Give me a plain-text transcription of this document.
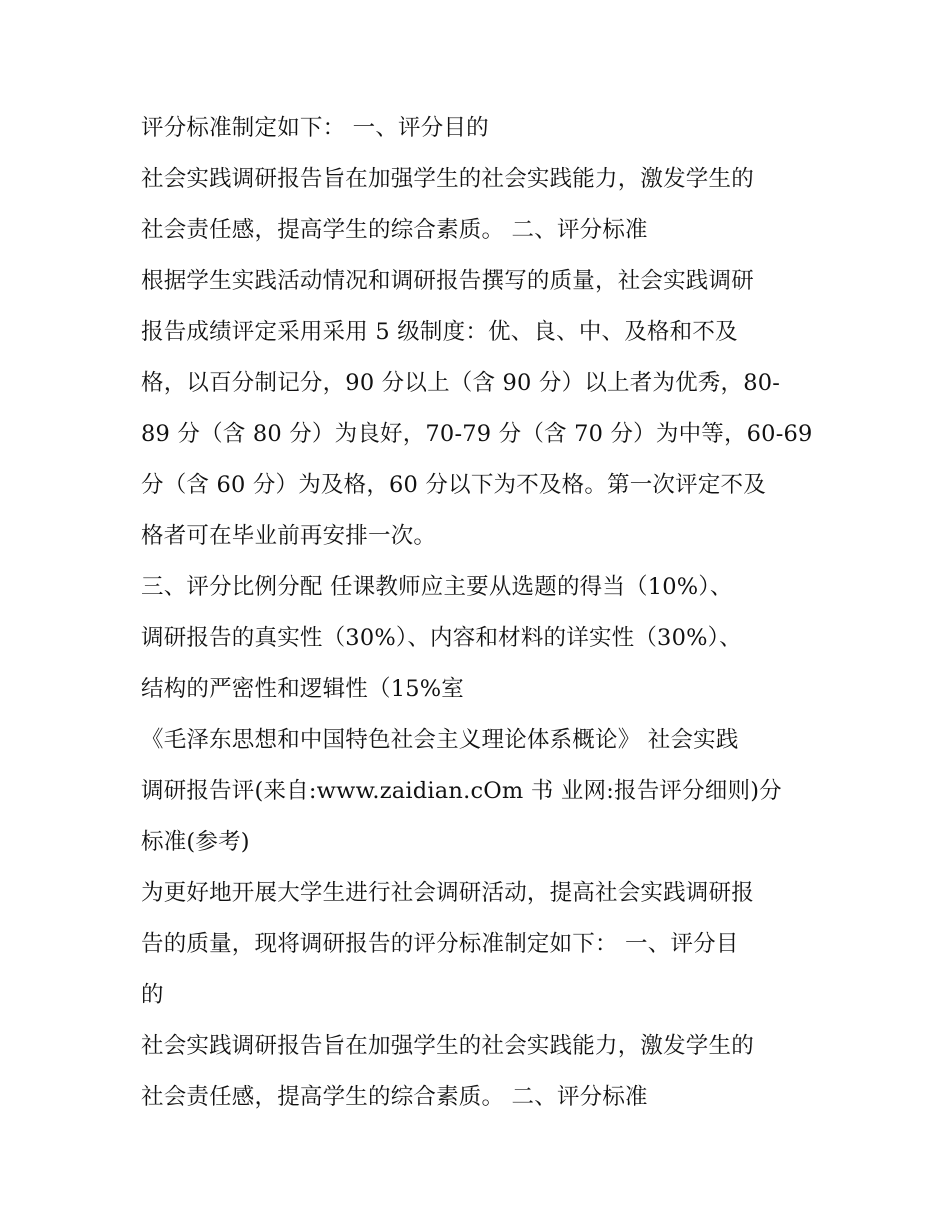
评分标准制定如下： 一、评分目的

社会实践调研报告旨在加强学生的社会实践能力，激发学生的

社会责任感，提高学生的综合素质。 二、评分标准

根据学生实践活动情况和调研报告撰写的质量，社会实践调研

报告成绩评定采用采用 5 级制度：优、良、中、及格和不及

格，以百分制记分，90 分以上（含 90 分）以上者为优秀，80-

89 分（含 80 分）为良好，70-79 分（含 70 分）为中等，60-69

分（含 60 分）为及格，60 分以下为不及格。第一次评定不及

格者可在毕业前再安排一次。

三、评分比例分配 任课教师应主要从选题的得当（10%）、

调研报告的真实性（30%）、内容和材料的详实性（30%）、

结构的严密性和逻辑性（15%室

《毛泽东思想和中国特色社会主义理论体系概论》 社会实践

调研报告评(来自:www.zaidian.cOm 书 业网:报告评分细则)分

标准(参考)

为更好地开展大学生进行社会调研活动，提高社会实践调研报

告的质量，现将调研报告的评分标准制定如下： 一、评分目

的

社会实践调研报告旨在加强学生的社会实践能力，激发学生的

社会责任感，提高学生的综合素质。 二、评分标准
